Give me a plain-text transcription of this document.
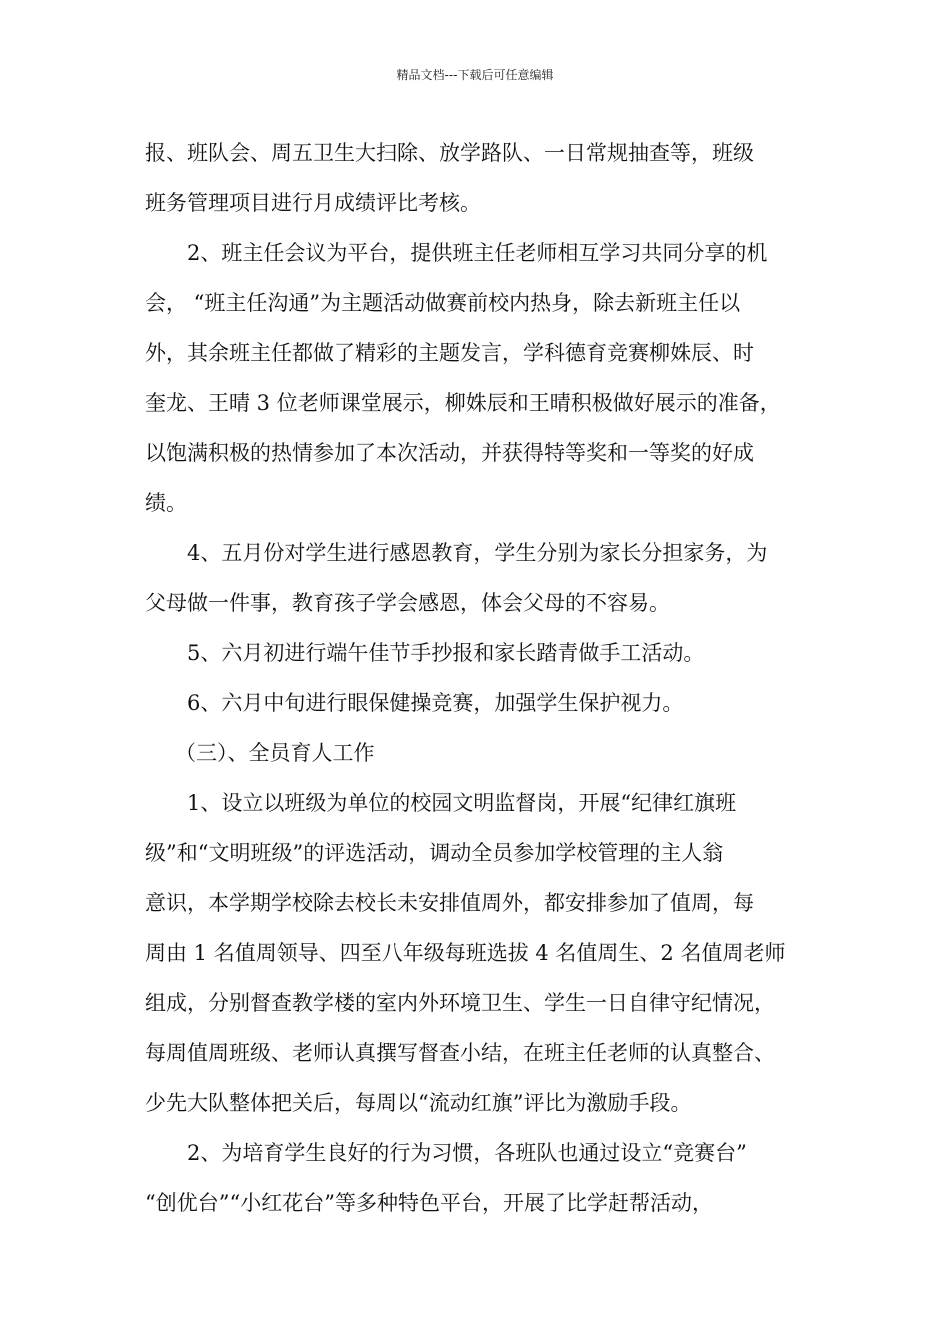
精品文档---下载后可任意编辑

报、班队会、周五卫生大扫除、放学路队、一日常规抽查等，班级
班务管理项目进行月成绩评比考核。

2、班主任会议为平台，提供班主任老师相互学习共同分享的机
会， “班主任沟通”为主题活动做赛前校内热身，除去新班主任以
外，其余班主任都做了精彩的主题发言，学科德育竞赛柳姝辰、时
奎龙、王晴 3 位老师课堂展示，柳姝辰和王晴积极做好展示的准备，
以饱满积极的热情参加了本次活动，并获得特等奖和一等奖的好成
绩。

4、五月份对学生进行感恩教育，学生分别为家长分担家务，为
父母做一件事，教育孩子学会感恩，体会父母的不容易。

5、六月初进行端午佳节手抄报和家长踏青做手工活动。

6、六月中旬进行眼保健操竞赛，加强学生保护视力。

（三）、全员育人工作

1、设立以班级为单位的校园文明监督岗，开展“纪律红旗班
级”和“文明班级”的评选活动，调动全员参加学校管理的主人翁
意识，本学期学校除去校长未安排值周外，都安排参加了值周，每
周由 1 名值周领导、四至八年级每班选拔 4 名值周生、2 名值周老师
组成，分别督查教学楼的室内外环境卫生、学生一日自律守纪情况，
每周值周班级、老师认真撰写督查小结，在班主任老师的认真整合、
少先大队整体把关后，每周以“流动红旗”评比为激励手段。

2、为培育学生良好的行为习惯，各班队也通过设立“竞赛台”
“创优台”“小红花台”等多种特色平台，开展了比学赶帮活动，
